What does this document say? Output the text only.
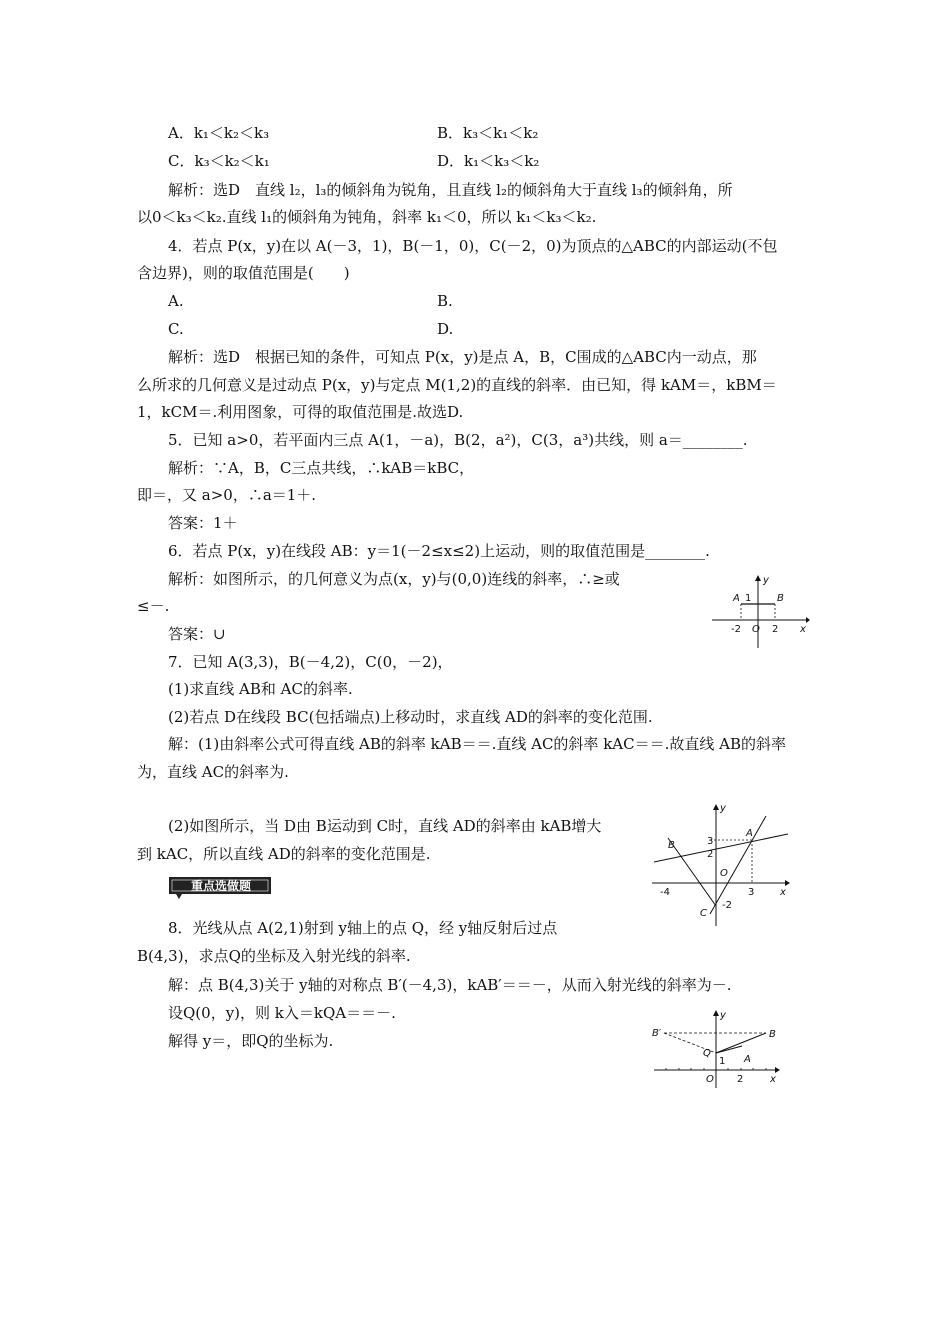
A．k₁＜k₂＜k₃	B．k₃＜k₁＜k₂
C．k₃＜k₂＜k₁	D．k₁＜k₃＜k₂
解析：选D　直线 l₂，l₃的倾斜角为锐角，且直线 l₂的倾斜角大于直线 l₃的倾斜角，所
以0＜k₃＜k₂.直线 l₁的倾斜角为钝角，斜率 k₁＜0，所以 k₁＜k₃＜k₂.
4．若点 P(x，y)在以 A(－3，1)，B(－1，0)，C(－2，0)为顶点的△ABC的内部运动(不包
含边界)，则的取值范围是(　　)
A.	B.
C.	D.
解析：选D　根据已知的条件，可知点 P(x，y)是点 A，B，C围成的△ABC内一动点，那
么所求的几何意义是过动点 P(x，y)与定点 M(1,2)的直线的斜率．由已知，得 kAM＝，kBM＝
1，kCM＝.利用图象，可得的取值范围是.故选D.
5．已知 a>0，若平面内三点 A(1，－a)，B(2，a²)，C(3，a³)共线，则 a＝________.
解析：∵A，B，C三点共线，∴kAB＝kBC，
即＝，又 a>0，∴a＝1＋.
答案：1＋
6．若点 P(x，y)在线段 AB：y＝1(－2≤x≤2)上运动，则的取值范围是________.
解析：如图所示，的几何意义为点(x，y)与(0,0)连线的斜率，∴≥或
≤－.
答案：∪
y
x
A 1	B
-2 O 2
7．已知 A(3,3)，B(－4,2)，C(0，－2)，
(1)求直线 AB和 AC的斜率.
(2)若点 D在线段 BC(包括端点)上移动时，求直线 AD的斜率的变化范围.
解：(1)由斜率公式可得直线 AB的斜率 kAB＝＝.直线 AC的斜率 kAC＝＝.故直线 AB的斜率
为，直线 AC的斜率为.
(2)如图所示，当 D由 B运动到 C时，直线 AD的斜率由 kAB增大
到 kAC，所以直线 AD的斜率的变化范围是.
y
x
B
A
3
2
O
-4	3
C
-2
重点选做题
8．光线从点 A(2,1)射到 y轴上的点 Q，经 y轴反射后过点
B(4,3)，求点Q的坐标及入射光线的斜率.
解：点 B(4,3)关于 y轴的对称点 B′(－4,3)，kAB′＝＝－，从而入射光线的斜率为－.
设Q(0，y)，则 k入＝kQA＝＝－.
解得 y＝，即Q的坐标为.
y
x
B′	B
Q
1 A
O 2
